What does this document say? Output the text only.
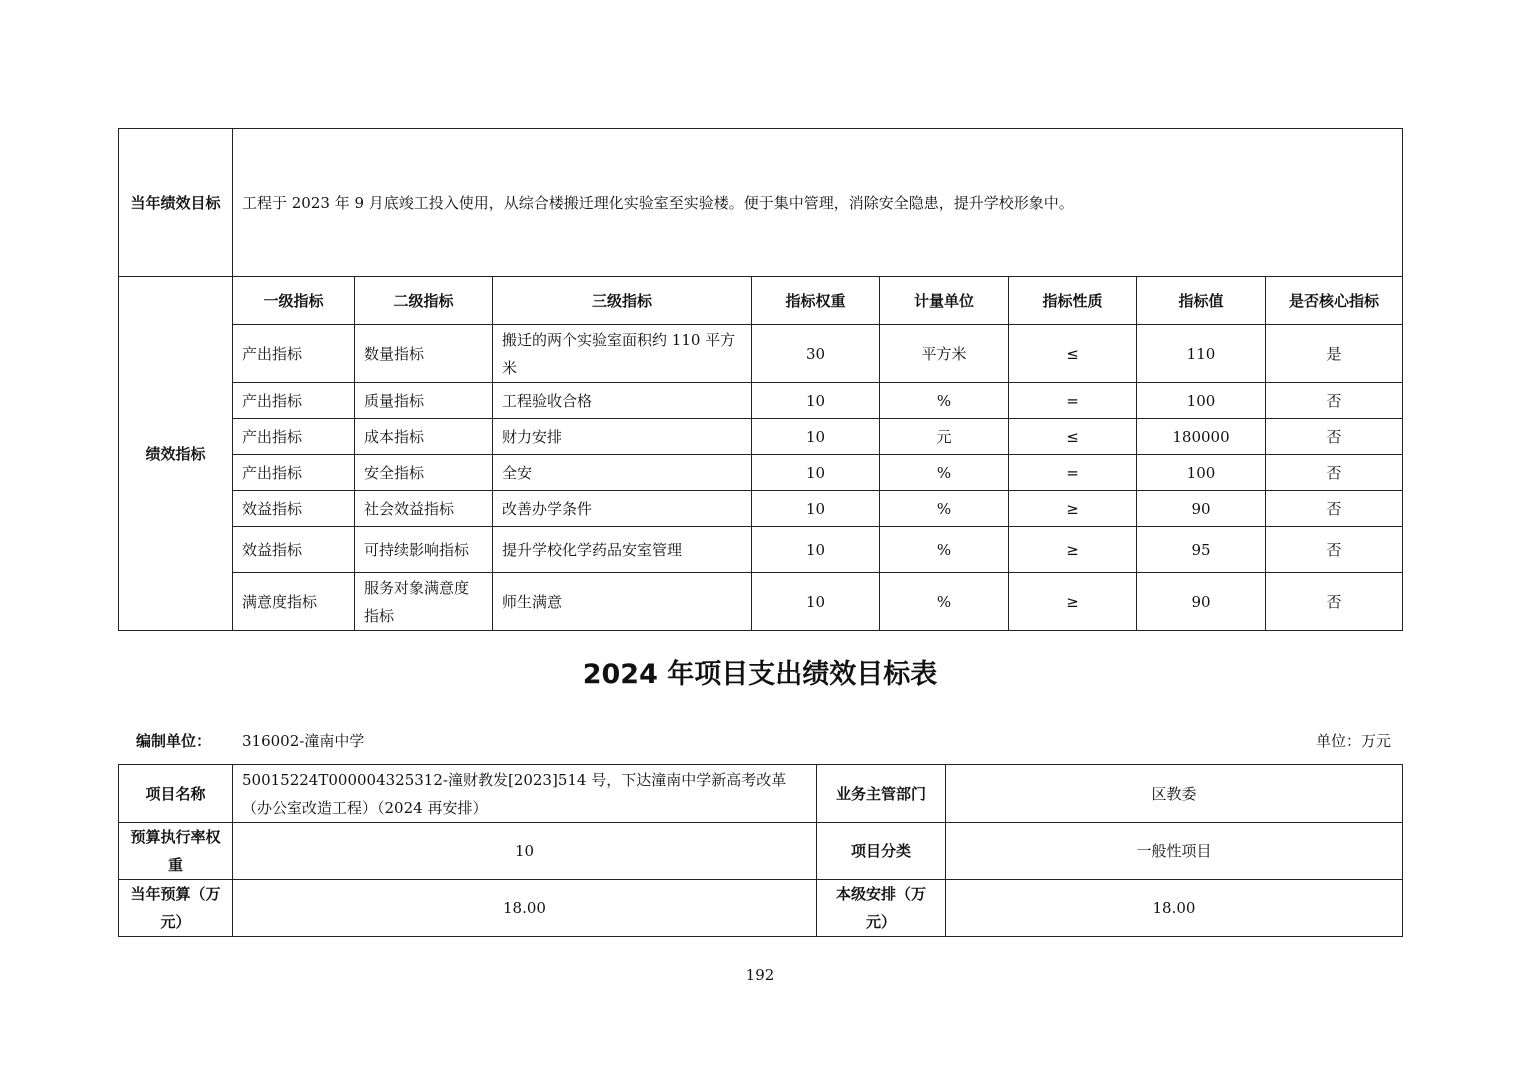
当年绩效目标	工程于 2023 年 9 月底竣工投入使用，从综合楼搬迁理化实验室至实验楼。便于集中管理，消除安全隐患，提升学校形象中。							
绩效指标	一级指标	二级指标	三级指标	指标权重	计量单位	指标性质	指标值	是否核心指标
	产出指标	数量指标	搬迁的两个实验室面积约 110 平方米	30	平方米	≤	110	是
	产出指标	质量指标	工程验收合格	10	%	=	100	否
	产出指标	成本指标	财力安排	10	元	≤	180000	否
	产出指标	安全指标	全安	10	%	=	100	否
	效益指标	社会效益指标	改善办学条件	10	%	≥	90	否
	效益指标	可持续影响指标	提升学校化学药品安室管理	10	%	≥	95	否
	满意度指标	服务对象满意度指标	师生满意	10	%	≥	90	否
2024 年项目支出绩效目标表
编制单位： 316002-潼南中学	单位：万元
项目名称	50015224T000004325312-潼财教发[2023]514 号，下达潼南中学新高考改革（办公室改造工程）（2024 再安排）	业务主管部门	区教委
预算执行率权重	10	项目分类	一般性项目
当年预算（万元）	18.00	本级安排（万元）	18.00
192
